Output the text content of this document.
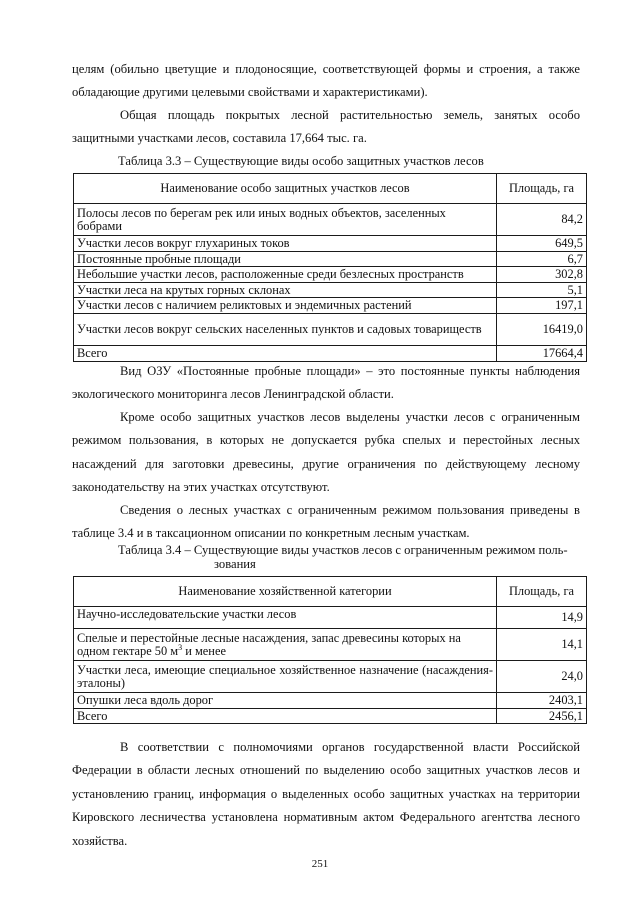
целям (обильно цветущие и плодоносящие, соответствующей формы и строения, а также обладающие другими целевыми свойствами и характеристиками).

Общая площадь покрытых лесной растительностью земель, занятых особо защитными участками лесов, составила 17,664 тыс. га.

Таблица 3.3 – Существующие виды особо защитных участков лесов

Наименование особо защитных участков лесов	Площадь, га
Полосы лесов по берегам рек или иных водных объектов, заселенных бобрами	84,2
Участки лесов вокруг глухариных токов	649,5
Постоянные пробные площади	6,7
Небольшие участки лесов, расположенные среди безлесных пространств	302,8
Участки леса на крутых горных склонах	5,1
Участки лесов с наличием реликтовых и эндемичных растений	197,1
Участки лесов вокруг сельских населенных пунктов и садовых товариществ	16419,0
Всего	17664,4

Вид ОЗУ «Постоянные пробные площади» – это постоянные пункты наблюдения экологического мониторинга лесов Ленинградской области.

Кроме особо защитных участков лесов выделены участки лесов с ограниченным режимом пользования, в которых не допускается рубка спелых и перестойных лесных насаждений для заготовки древесины, другие ограничения по действующему лесному законодательству на этих участках отсутствуют.

Сведения о лесных участках с ограниченным режимом пользования приведены в таблице 3.4 и в таксационном описании по конкретным лесным участкам.

Таблица 3.4 – Существующие виды участков лесов с ограниченным режимом поль-

зования

Наименование хозяйственной категории	Площадь, га
Научно-исследовательские участки лесов	14,9
Спелые и перестойные лесные насаждения, запас древесины которых на одном гектаре 50 $м^3$ и менее	14,1
Участки леса, имеющие специальное хозяйственное назначение (насаждения-эталоны)	24,0
Опушки леса вдоль дорог	2403,1
Всего	2456,1

В соответствии с полномочиями органов государственной власти Российской Федерации в области лесных отношений по выделению особо защитных участков лесов и установлению границ, информация о выделенных особо защитных участках на территории Кировского лесничества установлена нормативным актом Федерального агентства лесного хозяйства.

251
